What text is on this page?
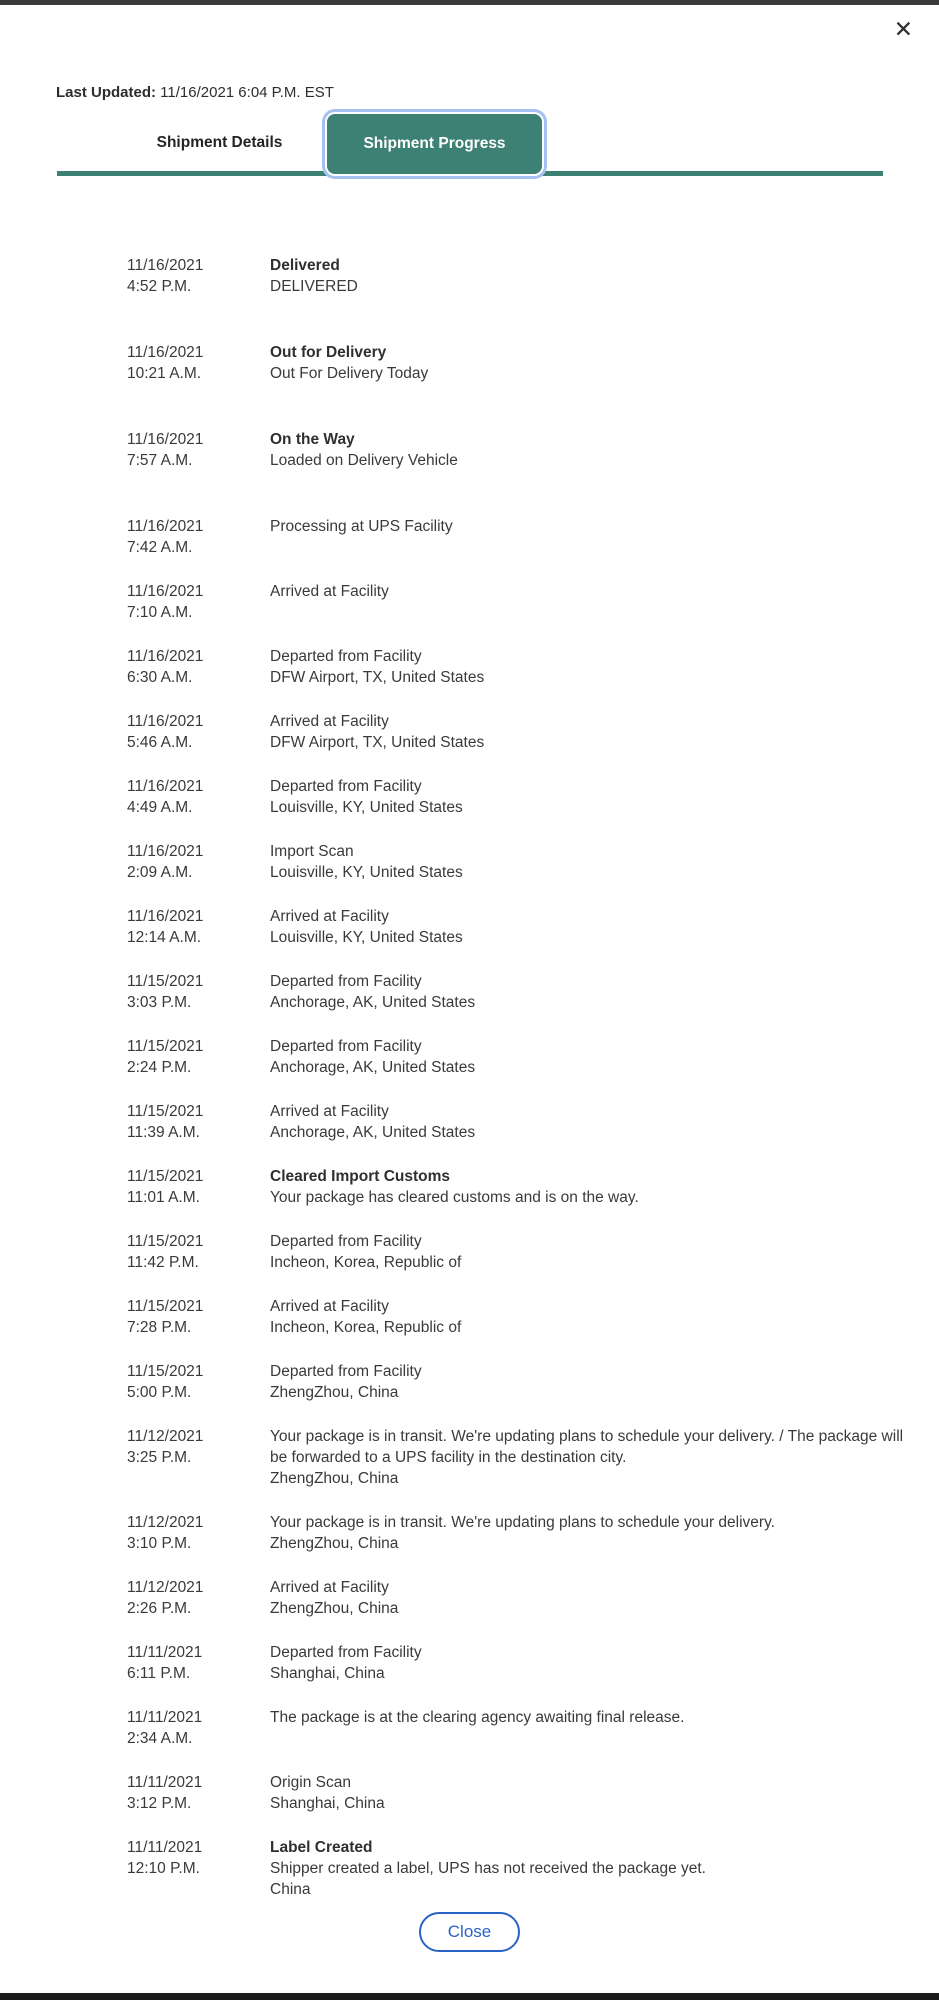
✕
Last Updated: 11/16/2021 6:04 P.M. EST
Shipment Details	Shipment Progress
11/16/2021
4:52 P.M.
Delivered
DELIVERED
11/16/2021
10:21 A.M.
Out for Delivery
Out For Delivery Today
11/16/2021
7:57 A.M.
On the Way
Loaded on Delivery Vehicle
11/16/2021
7:42 A.M.
Processing at UPS Facility
11/16/2021
7:10 A.M.
Arrived at Facility
11/16/2021
6:30 A.M.
Departed from Facility
DFW Airport, TX, United States
11/16/2021
5:46 A.M.
Arrived at Facility
DFW Airport, TX, United States
11/16/2021
4:49 A.M.
Departed from Facility
Louisville, KY, United States
11/16/2021
2:09 A.M.
Import Scan
Louisville, KY, United States
11/16/2021
12:14 A.M.
Arrived at Facility
Louisville, KY, United States
11/15/2021
3:03 P.M.
Departed from Facility
Anchorage, AK, United States
11/15/2021
2:24 P.M.
Departed from Facility
Anchorage, AK, United States
11/15/2021
11:39 A.M.
Arrived at Facility
Anchorage, AK, United States
11/15/2021
11:01 A.M.
Cleared Import Customs
Your package has cleared customs and is on the way.
11/15/2021
11:42 P.M.
Departed from Facility
Incheon, Korea, Republic of
11/15/2021
7:28 P.M.
Arrived at Facility
Incheon, Korea, Republic of
11/15/2021
5:00 P.M.
Departed from Facility
ZhengZhou, China
11/12/2021
3:25 P.M.
Your package is in transit. We're updating plans to schedule your delivery. / The package will be forwarded to a UPS facility in the destination city.
ZhengZhou, China
11/12/2021
3:10 P.M.
Your package is in transit. We're updating plans to schedule your delivery.
ZhengZhou, China
11/12/2021
2:26 P.M.
Arrived at Facility
ZhengZhou, China
11/11/2021
6:11 P.M.
Departed from Facility
Shanghai, China
11/11/2021
2:34 A.M.
The package is at the clearing agency awaiting final release.
11/11/2021
3:12 P.M.
Origin Scan
Shanghai, China
11/11/2021
12:10 P.M.
Label Created
Shipper created a label, UPS has not received the package yet.
China
Close
